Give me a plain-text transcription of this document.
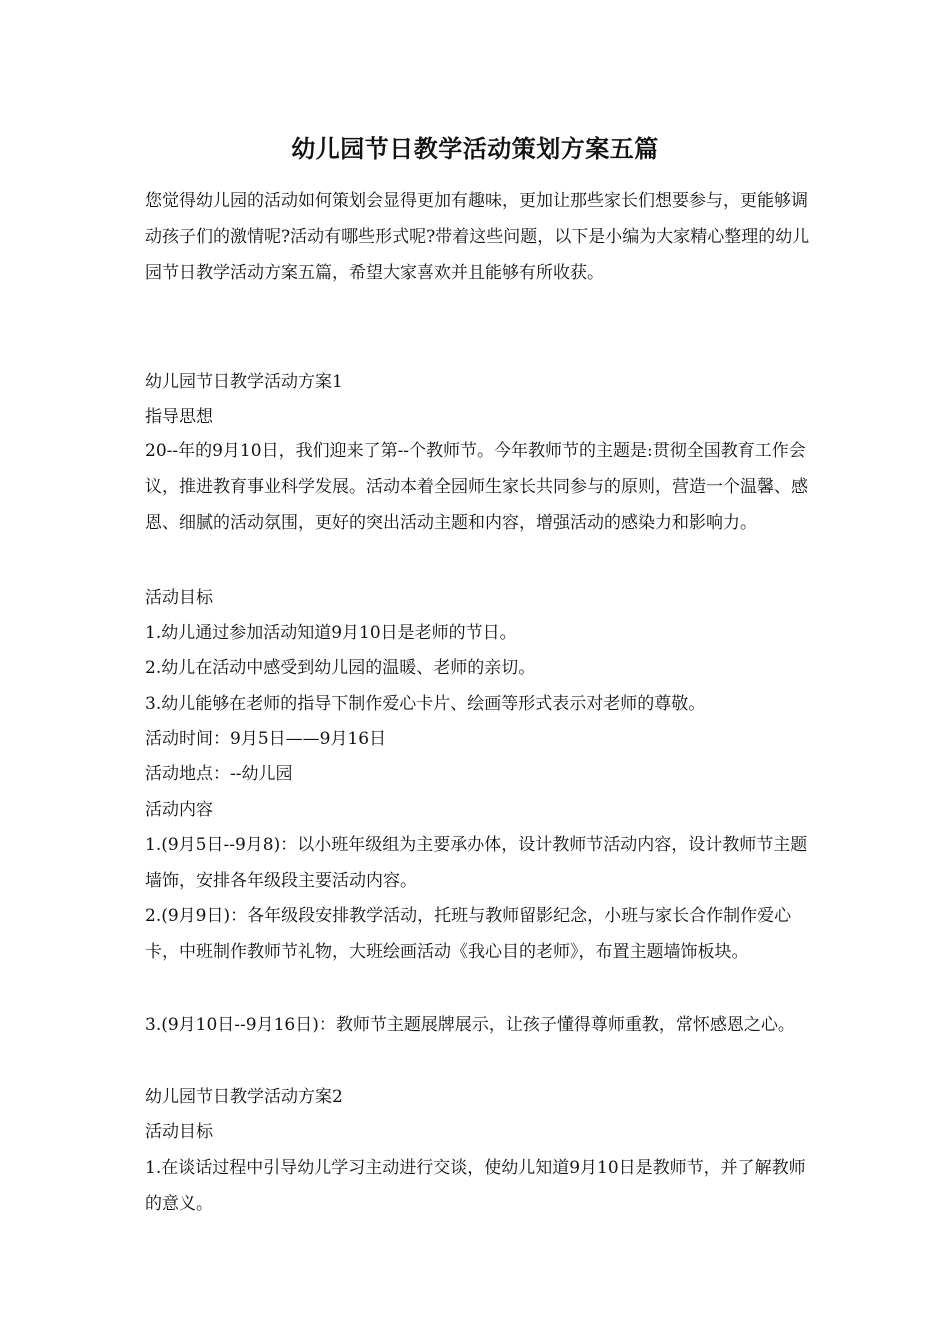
幼儿园节日教学活动策划方案五篇

您觉得幼儿园的活动如何策划会显得更加有趣味，更加让那些家长们想要参与，更能够调动孩子们的激情呢?活动有哪些形式呢?带着这些问题，以下是小编为大家精心整理的幼儿园节日教学活动方案五篇，希望大家喜欢并且能够有所收获。

幼儿园节日教学活动方案1
指导思想

20--年的9月10日，我们迎来了第--个教师节。今年教师节的主题是:贯彻全国教育工作会议，推进教育事业科学发展。活动本着全园师生家长共同参与的原则，营造一个温馨、感恩、细腻的活动氛围，更好的突出活动主题和内容，增强活动的感染力和影响力。

活动目标
1.幼儿通过参加活动知道9月10日是老师的节日。
2.幼儿在活动中感受到幼儿园的温暖、老师的亲切。
3.幼儿能够在老师的指导下制作爱心卡片、绘画等形式表示对老师的尊敬。
活动时间：9月5日——9月16日
活动地点：--幼儿园
活动内容

1.(9月5日--9月8)：以小班年级组为主要承办体，设计教师节活动内容，设计教师节主题墙饰，安排各年级段主要活动内容。

2.(9月9日)：各年级段安排教学活动，托班与教师留影纪念，小班与家长合作制作爱心卡，中班制作教师节礼物，大班绘画活动《我心目的老师》，布置主题墙饰板块。

3.(9月10日--9月16日)：教师节主题展牌展示，让孩子懂得尊师重教，常怀感恩之心。

幼儿园节日教学活动方案2
活动目标

1.在谈话过程中引导幼儿学习主动进行交谈，使幼儿知道9月10日是教师节，并了解教师的意义。
